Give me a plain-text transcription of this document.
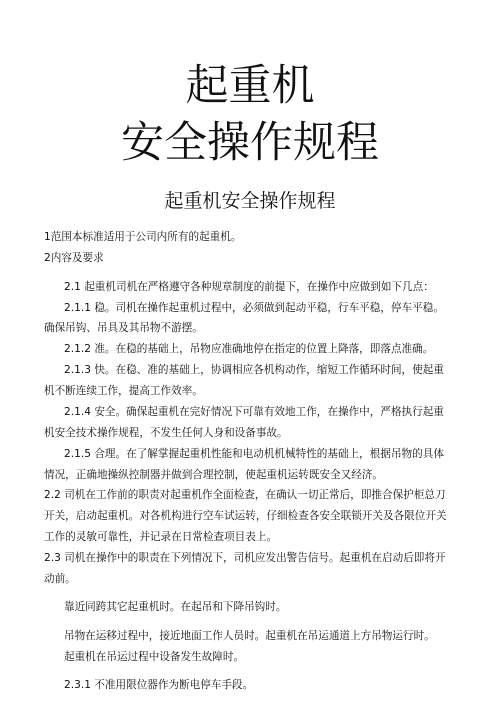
起重机
安全操作规程
起重机安全操作规程
1范围本标准适用于公司内所有的起重机。
2内容及要求
2.1 起重机司机在严格遵守各种规章制度的前提下，在操作中应做到如下几点：
2.1.1 稳。司机在操作起重机过程中，必须做到起动平稳，行车平稳，停车平稳。
确保吊钩、吊具及其吊物不游摆。
2.1.2 准。在稳的基础上，吊物应准确地停在指定的位置上降落，即落点准确。
2.1.3 快。在稳、准的基础上，协调相应各机构动作，缩短工作循环时间，使起重
机不断连续工作，提高工作效率。
2.1.4 安全。确保起重机在完好情况下可靠有效地工作，在操作中，严格执行起重
机安全技术操作规程，不发生任何人身和设备事故。
2.1.5 合理。在了解掌握起重机性能和电动机机械特性的基础上，根据吊物的具体
情况，正确地操纵控制器并做到合理控制，使起重机运转既安全又经济。
2.2 司机在工作前的职责对起重机作全面检查，在确认一切正常后，即推合保护柜总刀
开关，启动起重机。对各机构进行空车试运转，仔细检查各安全联锁开关及各限位开关
工作的灵敏可靠性，并记录在日常检查项目表上。
2.3 司机在操作中的职责在下列情况下，司机应发出警告信号。起重机在启动后即将开
动前。
靠近同跨其它起重机时。在起吊和下降吊钩时。
吊物在运移过程中，接近地面工作人员时。起重机在吊运通道上方吊物运行时。
起重机在吊运过程中设备发生故障时。
2.3.1 不准用限位器作为断电停车手段。
